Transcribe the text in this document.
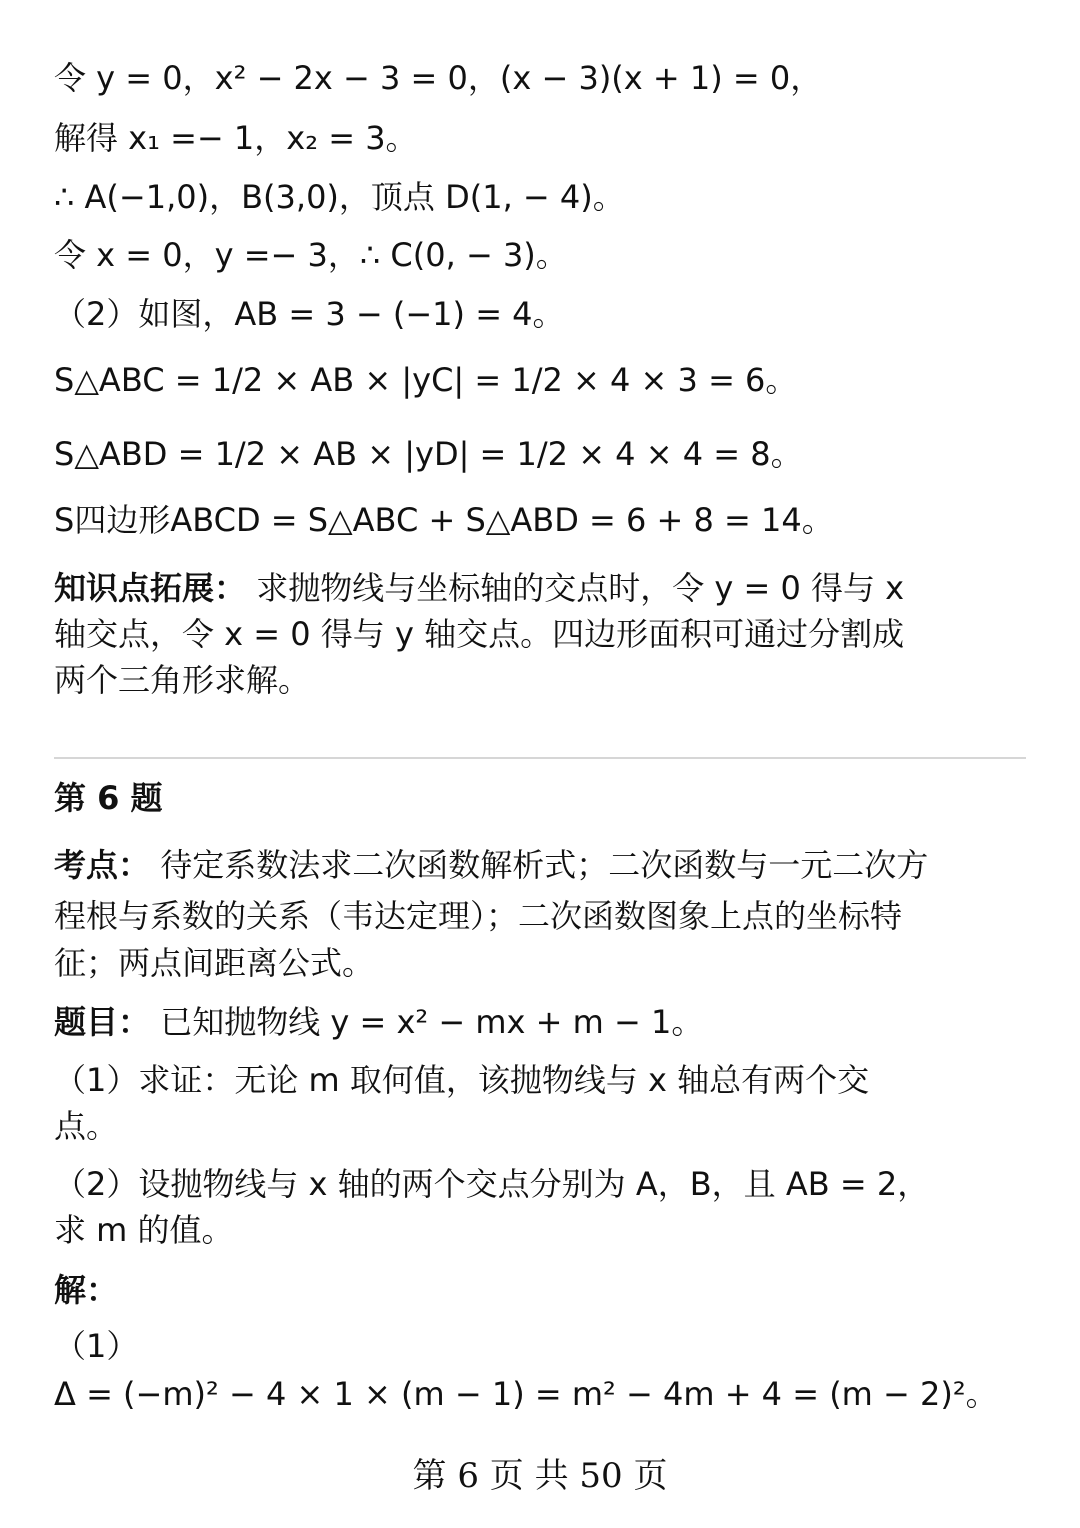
令 y = 0，x² − 2x − 3 = 0，(x − 3)(x + 1) = 0，
解得 x₁ =− 1，x₂ = 3。
∴ A(−1,0)，B(3,0)，顶点 D(1, − 4)。
令 x = 0，y =− 3，∴ C(0, − 3)。
（2）如图，AB = 3 − (−1) = 4。
S△ABC = 1/2 × AB × |yC| = 1/2 × 4 × 3 = 6。
S△ABD = 1/2 × AB × |yD| = 1/2 × 4 × 4 = 8。
S四边形ABCD = S△ABC + S△ABD = 6 + 8 = 14。
知识点拓展： 求抛物线与坐标轴的交点时，令 y = 0 得与 x
轴交点，令 x = 0 得与 y 轴交点。四边形面积可通过分割成
两个三角形求解。
第 6 题
考点： 待定系数法求二次函数解析式；二次函数与一元二次方
程根与系数的关系（韦达定理）；二次函数图象上点的坐标特
征；两点间距离公式。
题目： 已知抛物线 y = x² − mx + m − 1。
（1）求证：无论 m 取何值，该抛物线与 x 轴总有两个交
点。
（2）设抛物线与 x 轴的两个交点分别为 A，B，且 AB = 2，
求 m 的值。
解：
（1）
Δ = (−m)² − 4 × 1 × (m − 1) = m² − 4m + 4 = (m − 2)²。
第 6 页 共 50 页
